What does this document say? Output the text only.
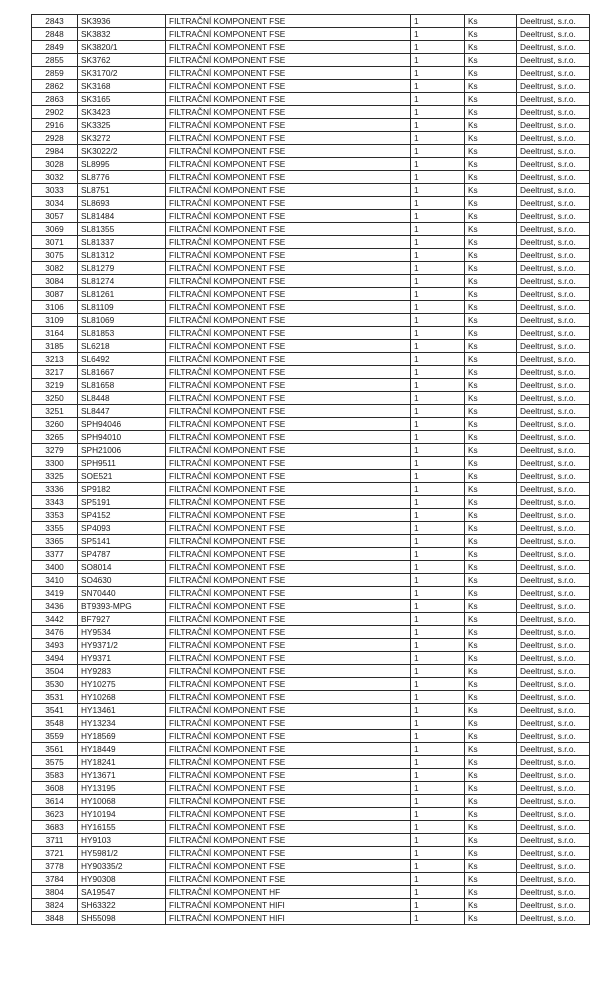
2843	SK3936	FILTRAČNÍ KOMPONENT FSE	1	Ks	Deeltrust, s.r.o.
2848	SK3832	FILTRAČNÍ KOMPONENT FSE	1	Ks	Deeltrust, s.r.o.
2849	SK3820/1	FILTRAČNÍ KOMPONENT FSE	1	Ks	Deeltrust, s.r.o.
2855	SK3762	FILTRAČNÍ KOMPONENT FSE	1	Ks	Deeltrust, s.r.o.
2859	SK3170/2	FILTRAČNÍ KOMPONENT FSE	1	Ks	Deeltrust, s.r.o.
2862	SK3168	FILTRAČNÍ KOMPONENT FSE	1	Ks	Deeltrust, s.r.o.
2863	SK3165	FILTRAČNÍ KOMPONENT FSE	1	Ks	Deeltrust, s.r.o.
2902	SK3423	FILTRAČNÍ KOMPONENT FSE	1	Ks	Deeltrust, s.r.o.
2916	SK3325	FILTRAČNÍ KOMPONENT FSE	1	Ks	Deeltrust, s.r.o.
2928	SK3272	FILTRAČNÍ KOMPONENT FSE	1	Ks	Deeltrust, s.r.o.
2984	SK3022/2	FILTRAČNÍ KOMPONENT FSE	1	Ks	Deeltrust, s.r.o.
3028	SL8995	FILTRAČNÍ KOMPONENT FSE	1	Ks	Deeltrust, s.r.o.
3032	SL8776	FILTRAČNÍ KOMPONENT FSE	1	Ks	Deeltrust, s.r.o.
3033	SL8751	FILTRAČNÍ KOMPONENT FSE	1	Ks	Deeltrust, s.r.o.
3034	SL8693	FILTRAČNÍ KOMPONENT FSE	1	Ks	Deeltrust, s.r.o.
3057	SL81484	FILTRAČNÍ KOMPONENT FSE	1	Ks	Deeltrust, s.r.o.
3069	SL81355	FILTRAČNÍ KOMPONENT FSE	1	Ks	Deeltrust, s.r.o.
3071	SL81337	FILTRAČNÍ KOMPONENT FSE	1	Ks	Deeltrust, s.r.o.
3075	SL81312	FILTRAČNÍ KOMPONENT FSE	1	Ks	Deeltrust, s.r.o.
3082	SL81279	FILTRAČNÍ KOMPONENT FSE	1	Ks	Deeltrust, s.r.o.
3084	SL81274	FILTRAČNÍ KOMPONENT FSE	1	Ks	Deeltrust, s.r.o.
3087	SL81261	FILTRAČNÍ KOMPONENT FSE	1	Ks	Deeltrust, s.r.o.
3106	SL81109	FILTRAČNÍ KOMPONENT FSE	1	Ks	Deeltrust, s.r.o.
3109	SL81069	FILTRAČNÍ KOMPONENT FSE	1	Ks	Deeltrust, s.r.o.
3164	SL81853	FILTRAČNÍ KOMPONENT FSE	1	Ks	Deeltrust, s.r.o.
3185	SL6218	FILTRAČNÍ KOMPONENT FSE	1	Ks	Deeltrust, s.r.o.
3213	SL6492	FILTRAČNÍ KOMPONENT FSE	1	Ks	Deeltrust, s.r.o.
3217	SL81667	FILTRAČNÍ KOMPONENT FSE	1	Ks	Deeltrust, s.r.o.
3219	SL81658	FILTRAČNÍ KOMPONENT FSE	1	Ks	Deeltrust, s.r.o.
3250	SL8448	FILTRAČNÍ KOMPONENT FSE	1	Ks	Deeltrust, s.r.o.
3251	SL8447	FILTRAČNÍ KOMPONENT FSE	1	Ks	Deeltrust, s.r.o.
3260	SPH94046	FILTRAČNÍ KOMPONENT FSE	1	Ks	Deeltrust, s.r.o.
3265	SPH94010	FILTRAČNÍ KOMPONENT FSE	1	Ks	Deeltrust, s.r.o.
3279	SPH21006	FILTRAČNÍ KOMPONENT FSE	1	Ks	Deeltrust, s.r.o.
3300	SPH9511	FILTRAČNÍ KOMPONENT FSE	1	Ks	Deeltrust, s.r.o.
3325	SOE521	FILTRAČNÍ KOMPONENT FSE	1	Ks	Deeltrust, s.r.o.
3336	SP9182	FILTRAČNÍ KOMPONENT FSE	1	Ks	Deeltrust, s.r.o.
3343	SP5191	FILTRAČNÍ KOMPONENT FSE	1	Ks	Deeltrust, s.r.o.
3353	SP4152	FILTRAČNÍ KOMPONENT FSE	1	Ks	Deeltrust, s.r.o.
3355	SP4093	FILTRAČNÍ KOMPONENT FSE	1	Ks	Deeltrust, s.r.o.
3365	SP5141	FILTRAČNÍ KOMPONENT FSE	1	Ks	Deeltrust, s.r.o.
3377	SP4787	FILTRAČNÍ KOMPONENT FSE	1	Ks	Deeltrust, s.r.o.
3400	SO8014	FILTRAČNÍ KOMPONENT FSE	1	Ks	Deeltrust, s.r.o.
3410	SO4630	FILTRAČNÍ KOMPONENT FSE	1	Ks	Deeltrust, s.r.o.
3419	SN70440	FILTRAČNÍ KOMPONENT FSE	1	Ks	Deeltrust, s.r.o.
3436	BT9393-MPG	FILTRAČNÍ KOMPONENT FSE	1	Ks	Deeltrust, s.r.o.
3442	BF7927	FILTRAČNÍ KOMPONENT FSE	1	Ks	Deeltrust, s.r.o.
3476	HY9534	FILTRAČNÍ KOMPONENT FSE	1	Ks	Deeltrust, s.r.o.
3493	HY9371/2	FILTRAČNÍ KOMPONENT FSE	1	Ks	Deeltrust, s.r.o.
3494	HY9371	FILTRAČNÍ KOMPONENT FSE	1	Ks	Deeltrust, s.r.o.
3504	HY9283	FILTRAČNÍ KOMPONENT FSE	1	Ks	Deeltrust, s.r.o.
3530	HY10275	FILTRAČNÍ KOMPONENT FSE	1	Ks	Deeltrust, s.r.o.
3531	HY10268	FILTRAČNÍ KOMPONENT FSE	1	Ks	Deeltrust, s.r.o.
3541	HY13461	FILTRAČNÍ KOMPONENT FSE	1	Ks	Deeltrust, s.r.o.
3548	HY13234	FILTRAČNÍ KOMPONENT FSE	1	Ks	Deeltrust, s.r.o.
3559	HY18569	FILTRAČNÍ KOMPONENT FSE	1	Ks	Deeltrust, s.r.o.
3561	HY18449	FILTRAČNÍ KOMPONENT FSE	1	Ks	Deeltrust, s.r.o.
3575	HY18241	FILTRAČNÍ KOMPONENT FSE	1	Ks	Deeltrust, s.r.o.
3583	HY13671	FILTRAČNÍ KOMPONENT FSE	1	Ks	Deeltrust, s.r.o.
3608	HY13195	FILTRAČNÍ KOMPONENT FSE	1	Ks	Deeltrust, s.r.o.
3614	HY10068	FILTRAČNÍ KOMPONENT FSE	1	Ks	Deeltrust, s.r.o.
3623	HY10194	FILTRAČNÍ KOMPONENT FSE	1	Ks	Deeltrust, s.r.o.
3683	HY16155	FILTRAČNÍ KOMPONENT FSE	1	Ks	Deeltrust, s.r.o.
3711	HY9103	FILTRAČNÍ KOMPONENT FSE	1	Ks	Deeltrust, s.r.o.
3721	HY5981/2	FILTRAČNÍ KOMPONENT FSE	1	Ks	Deeltrust, s.r.o.
3778	HY90335/2	FILTRAČNÍ KOMPONENT FSE	1	Ks	Deeltrust, s.r.o.
3784	HY90308	FILTRAČNÍ KOMPONENT FSE	1	Ks	Deeltrust, s.r.o.
3804	SA19547	FILTRAČNÍ KOMPONENT HF	1	Ks	Deeltrust, s.r.o.
3824	SH63322	FILTRAČNÍ KOMPONENT HIFI	1	Ks	Deeltrust, s.r.o.
3848	SH55098	FILTRAČNÍ KOMPONENT HIFI	1	Ks	Deeltrust, s.r.o.
